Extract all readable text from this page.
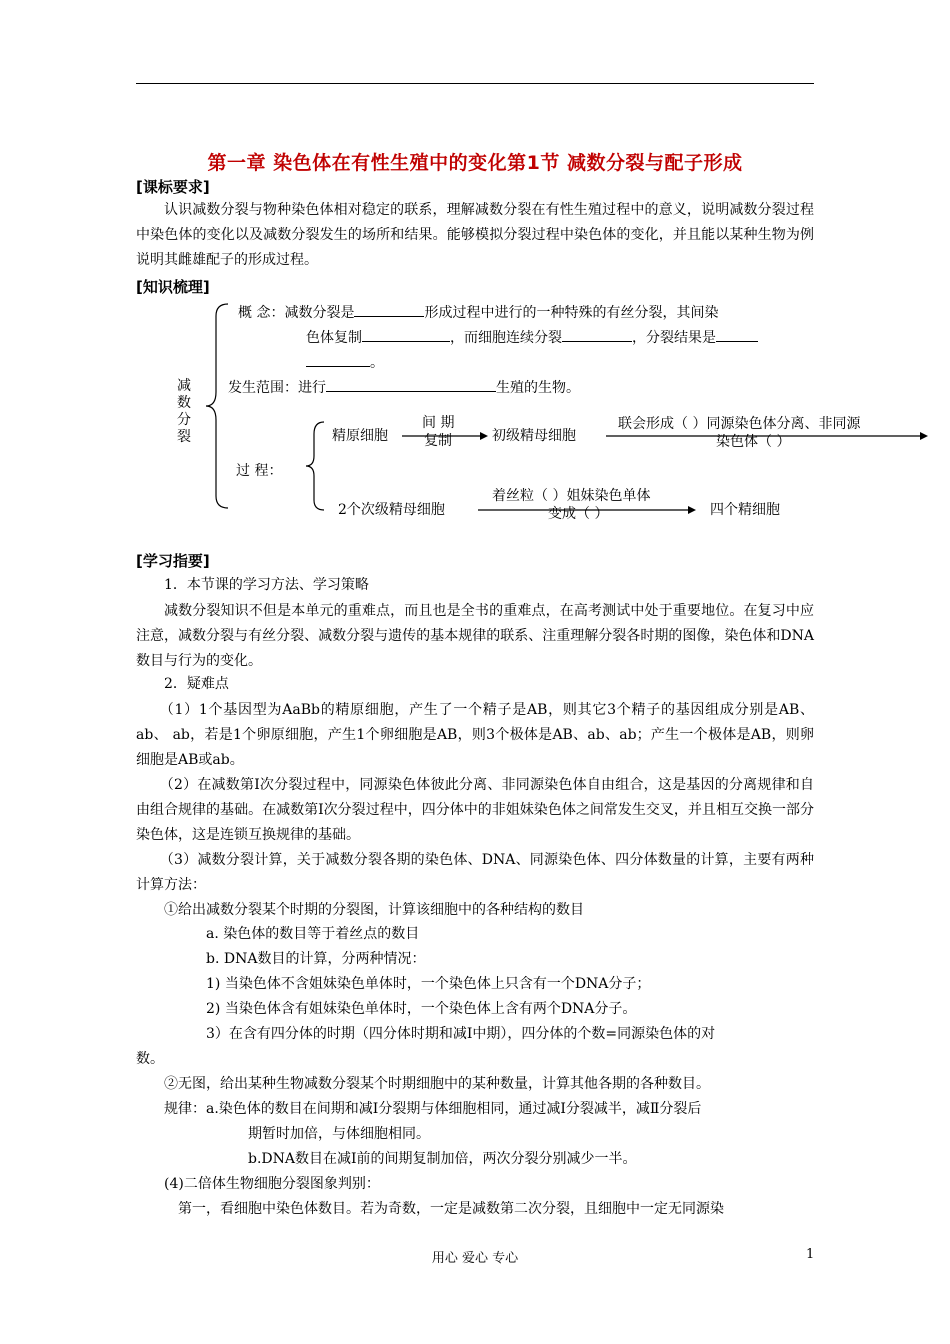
第一章 染色体在有性生殖中的变化第1节 减数分裂与配子形成
[课标要求]

认识减数分裂与物种染色体相对稳定的联系，理解减数分裂在有性生殖过程中的意义，说明减数分裂过程中染色体的变化以及减数分裂发生的场所和结果。能够模拟分裂过程中染色体的变化，并且能以某种生物为例说明其雌雄配子的形成过程。

[知识梳理]
减
数
分
裂
概 念：减数分裂是	形成过程中进行的一种特殊的有丝分裂，其间染
色体复制	，而细胞连续分裂	，分裂结果是
。
发生范围：进行	生殖的生物。
过 程：
精原细胞
间 期
复制	初级精母细胞
联会形成（ ）同源染色体分离、非同源
染色体（ ）
2个次级精母细胞
着丝粒（ ）姐妹染色单体
变成（ ）	四个精细胞
[学习指要]
1．本节课的学习方法、学习策略

减数分裂知识不但是本单元的重难点，而且也是全书的重难点，在高考测试中处于重要地位。在复习中应注意，减数分裂与有丝分裂、减数分裂与遗传的基本规律的联系、注重理解分裂各时期的图像，染色体和DNA数目与行为的变化。

2．疑难点

（1）1个基因型为AaBb的精原细胞，产生了一个精子是AB，则其它3个精子的基因组成分别是AB、ab、 ab，若是1个卵原细胞，产生1个卵细胞是AB，则3个极体是AB、ab、ab；产生一个极体是AB，则卵细胞是AB或ab。

（2）在减数第Ⅰ次分裂过程中，同源染色体彼此分离、非同源染色体自由组合，这是基因的分离规律和自由组合规律的基础。在减数第Ⅰ次分裂过程中，四分体中的非姐妹染色体之间常发生交叉，并且相互交换一部分染色体，这是连锁互换规律的基础。

（3）减数分裂计算，关于减数分裂各期的染色体、DNA、同源染色体、四分体数量的计算，主要有两种计算方法：

①给出减数分裂某个时期的分裂图，计算该细胞中的各种结构的数目
a. 染色体的数目等于着丝点的数目
b. DNA数目的计算，分两种情况：
1) 当染色体不含姐妹染色单体时，一个染色体上只含有一个DNA分子；
2) 当染色体含有姐妹染色单体时，一个染色体上含有两个DNA分子。
3）在含有四分体的时期（四分体时期和减Ⅰ中期），四分体的个数=同源染色体的对
数。
②无图，给出某种生物减数分裂某个时期细胞中的某种数量，计算其他各期的各种数目。
规律：a.染色体的数目在间期和减Ⅰ分裂期与体细胞相同，通过减Ⅰ分裂减半，减Ⅱ分裂后
期暂时加倍，与体细胞相同。
b.DNA数目在减Ⅰ前的间期复制加倍，两次分裂分别减少一半。
(4)二倍体生物细胞分裂图象判别：
第一，看细胞中染色体数目。若为奇数，一定是减数第二次分裂，且细胞中一定无同源染
用心 爱心 专心	1
